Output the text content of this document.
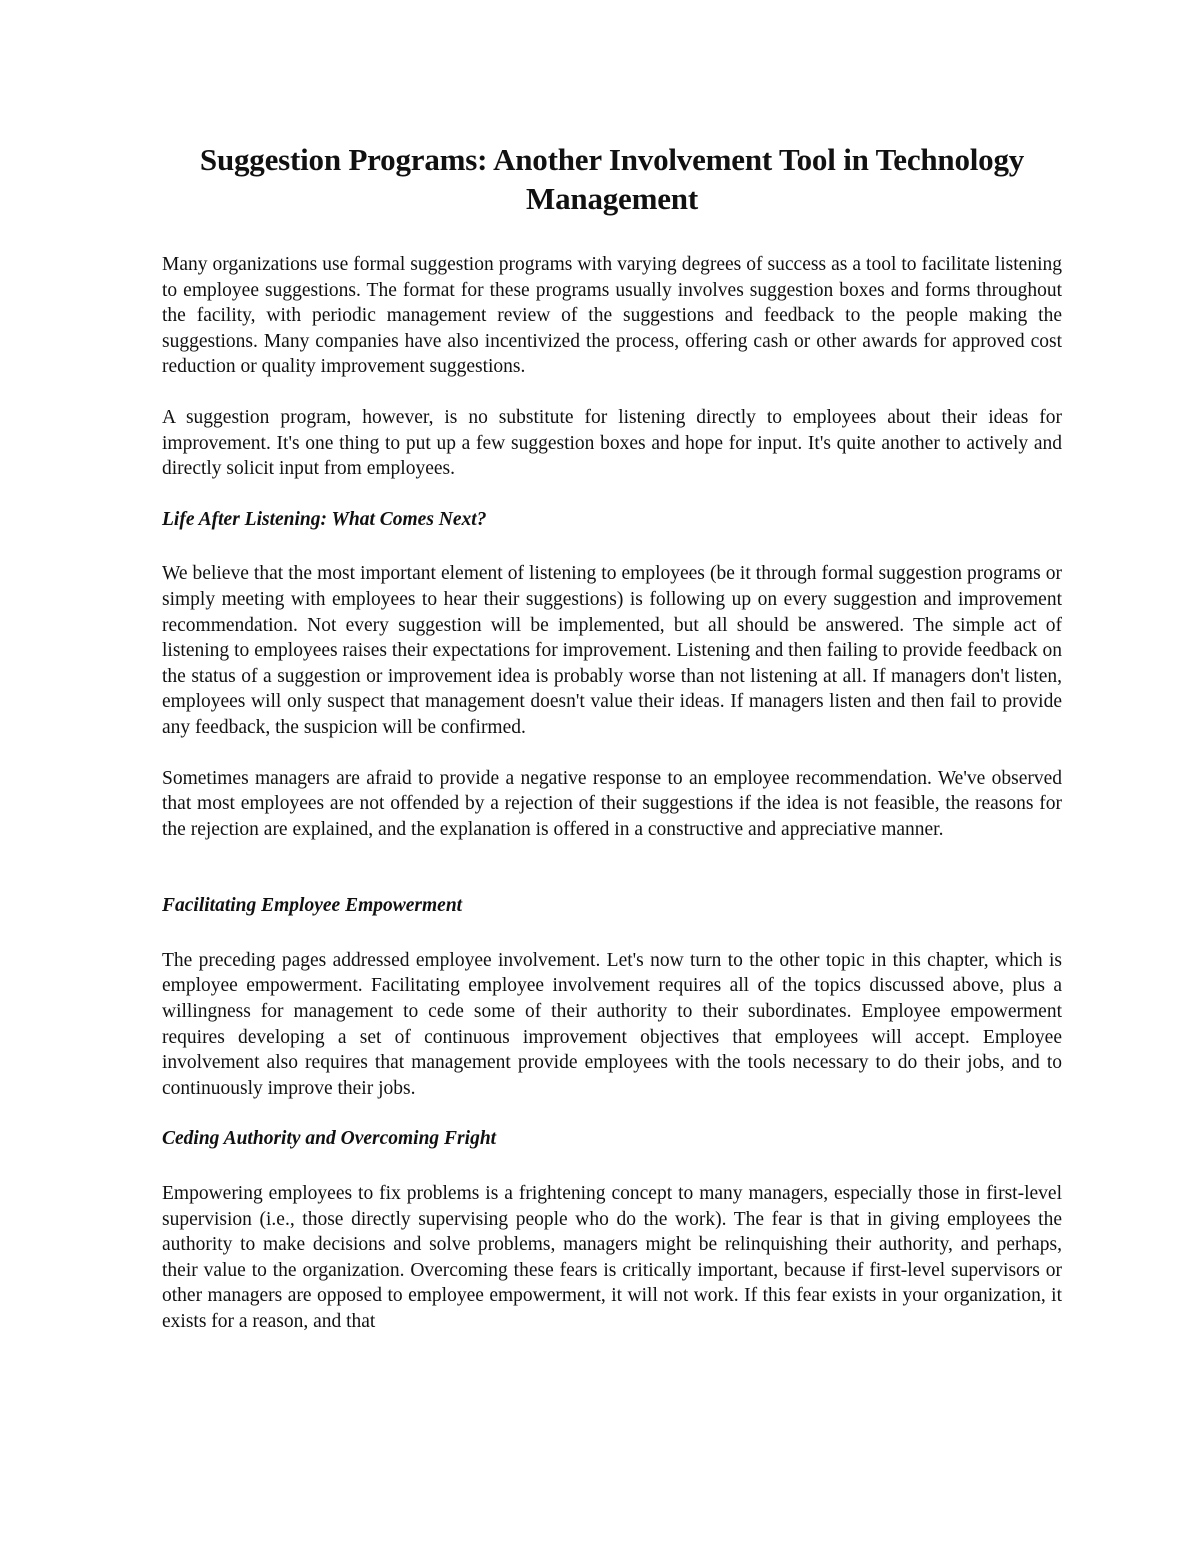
Suggestion Programs: Another Involvement Tool in Technology Management

Many organizations use formal suggestion programs with varying degrees of success as a tool to facilitate listening to employee suggestions. The format for these programs usually involves suggestion boxes and forms throughout the facility, with periodic management review of the suggestions and feedback to the people making the suggestions. Many companies have also incentivized the process, offering cash or other awards for approved cost reduction or quality improvement suggestions.

A suggestion program, however, is no substitute for listening directly to employees about their ideas for improvement. It's one thing to put up a few suggestion boxes and hope for input. It's quite another to actively and directly solicit input from employees.

Life After Listening: What Comes Next?

We believe that the most important element of listening to employees (be it through formal suggestion programs or simply meeting with employees to hear their suggestions) is following up on every suggestion and improvement recommendation. Not every suggestion will be implemented, but all should be answered. The simple act of listening to employees raises their expectations for improvement. Listening and then failing to provide feedback on the status of a suggestion or improvement idea is probably worse than not listening at all. If managers don't listen, employees will only suspect that management doesn't value their ideas. If managers listen and then fail to provide any feedback, the suspicion will be confirmed.

Sometimes managers are afraid to provide a negative response to an employee recommendation. We've observed that most employees are not offended by a rejection of their suggestions if the idea is not feasible, the reasons for the rejection are explained, and the explanation is offered in a constructive and appreciative manner.

Facilitating Employee Empowerment

The preceding pages addressed employee involvement. Let's now turn to the other topic in this chapter, which is employee empowerment. Facilitating employee involvement requires all of the topics discussed above, plus a willingness for management to cede some of their authority to their subordinates. Employee empowerment requires developing a set of continuous improvement objectives that employees will accept. Employee involvement also requires that management provide employees with the tools necessary to do their jobs, and to continuously improve their jobs.

Ceding Authority and Overcoming Fright

Empowering employees to fix problems is a frightening concept to many managers, especially those in first-level supervision (i.e., those directly supervising people who do the work). The fear is that in giving employees the authority to make decisions and solve problems, managers might be relinquishing their authority, and perhaps, their value to the organization. Overcoming these fears is critically important, because if first-level supervisors or other managers are opposed to employee empowerment, it will not work. If this fear exists in your organization, it exists for a reason, and that
